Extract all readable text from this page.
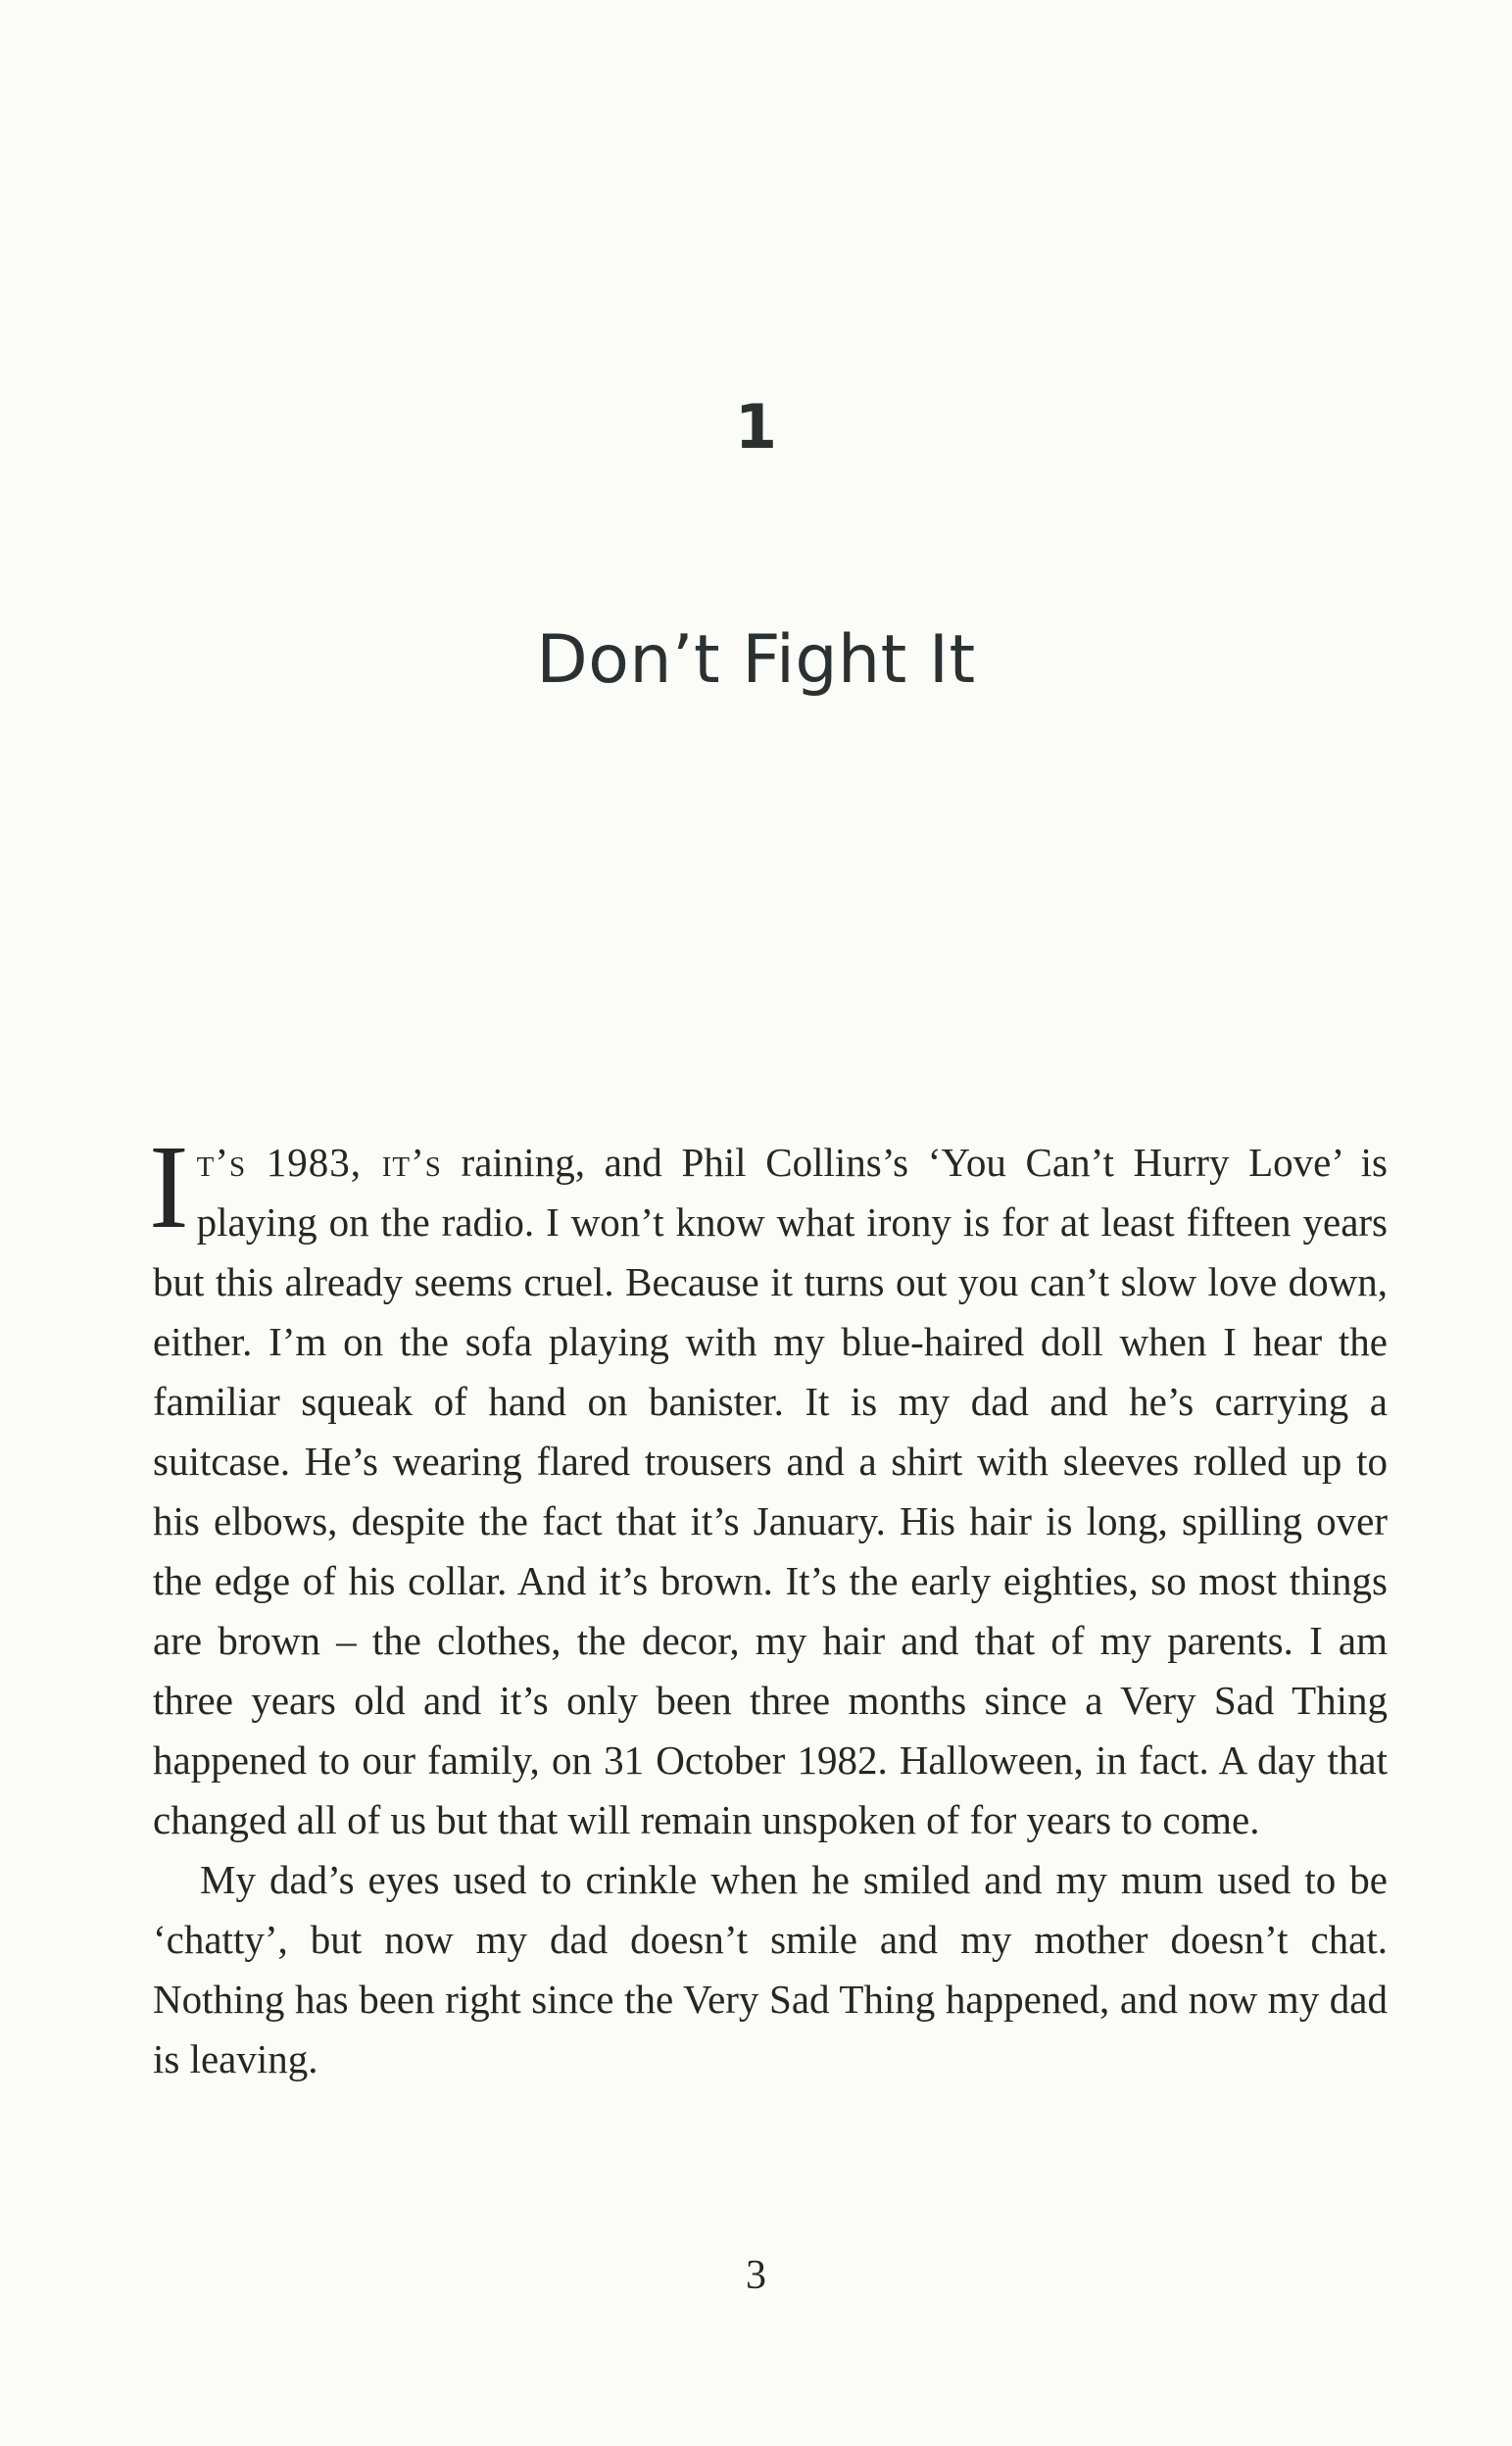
1
Don’t Fight It

It’s 1983, it’s raining, and Phil Collins’s ‘You Can’t Hurry Love’ is playing on the radio. I won’t know what irony is for at least fifteen years but this already seems cruel. Because it turns out you can’t slow love down, either. I’m on the sofa playing with my blue-haired doll when I hear the familiar squeak of hand on banister. It is my dad and he’s carrying a suitcase. He’s wearing flared trousers and a shirt with sleeves rolled up to his elbows, despite the fact that it’s January. His hair is long, spilling over the edge of his collar. And it’s brown. It’s the early eighties, so most things are brown – the clothes, the decor, my hair and that of my parents. I am three years old and it’s only been three months since a Very Sad Thing happened to our family, on 31 October 1982. Halloween, in fact. A day that changed all of us but that will remain unspoken of for years to come.

My dad’s eyes used to crinkle when he smiled and my mum used to be ‘chatty’, but now my dad doesn’t smile and my mother doesn’t chat. Nothing has been right since the Very Sad Thing happened, and now my dad is leaving.

3
